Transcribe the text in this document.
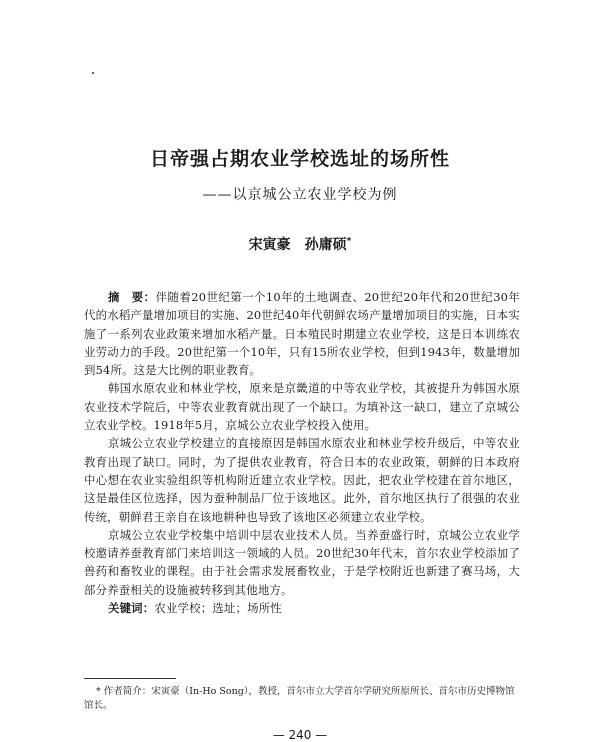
日帝强占期农业学校选址的场所性
——以京城公立农业学校为例
宋寅豪　孙庸硕*

摘　要：伴随着20世纪第一个10年的土地调查、20世纪20年代和20世纪30年代的水稻产量增加项目的实施、20世纪40年代朝鲜农场产量增加项目的实施，日本实施了一系列农业政策来增加水稻产量。日本殖民时期建立农业学校，这是日本训练农业劳动力的手段。20世纪第一个10年，只有15所农业学校，但到1943年，数量增加到54所。这是大比例的职业教育。

韩国水原农业和林业学校，原来是京畿道的中等农业学校，其被提升为韩国水原农业技术学院后，中等农业教育就出现了一个缺口。为填补这一缺口，建立了京城公立农业学校。1918年5月，京城公立农业学校投入使用。

京城公立农业学校建立的直接原因是韩国水原农业和林业学校升级后，中等农业教育出现了缺口。同时，为了提供农业教育，符合日本的农业政策，朝鲜的日本政府中心想在农业实验组织等机构附近建立农业学校。因此，把农业学校建在首尔地区，这是最佳区位选择，因为蚕种制品厂位于该地区。此外，首尔地区执行了很强的农业传统，朝鲜君王亲自在该地耕种也导致了该地区必须建立农业学校。

京城公立农业学校集中培训中层农业技术人员。当养蚕盛行时，京城公立农业学校邀请养蚕教育部门来培训这一领域的人员。20世纪30年代末，首尔农业学校添加了兽药和畜牧业的课程。由于社会需求发展畜牧业，于是学校附近也新建了赛马场，大部分养蚕相关的设施被转移到其他地方。

关键词：农业学校；选址；场所性

* 作者简介：宋寅豪（In-Ho Song），教授，首尔市立大学首尔学研究所原所长、首尔市历史博物馆馆长。
— 240 —
